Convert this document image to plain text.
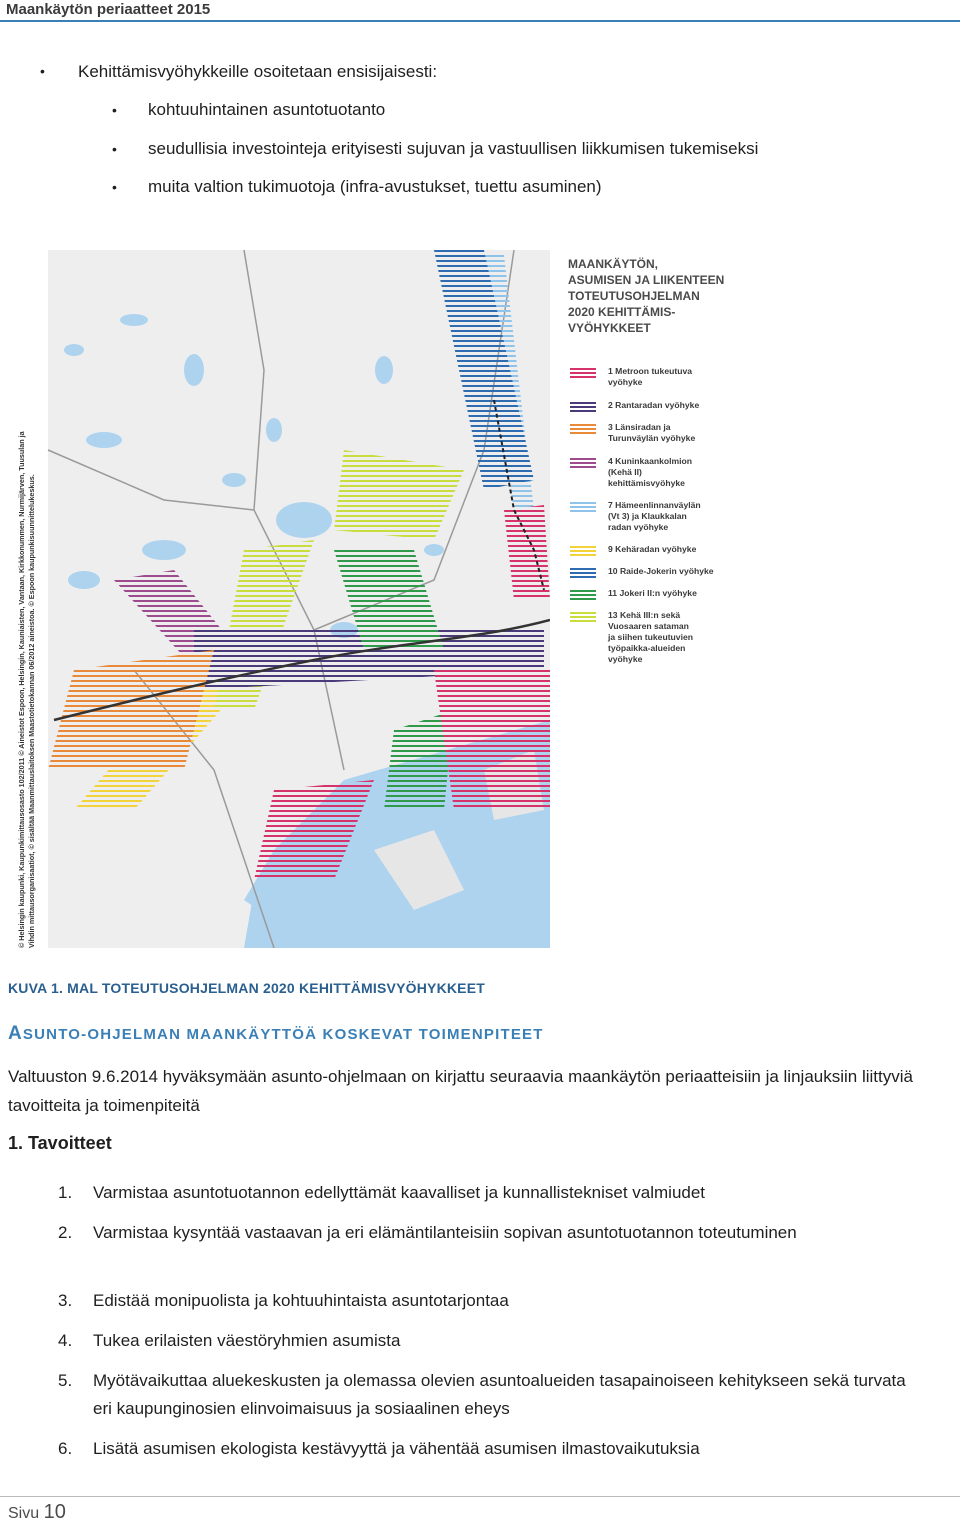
Maankäytön periaatteet 2015
• Kehittämisvyöhykkeille osoitetaan ensisijaisesti:
• kohtuuhintainen asuntotuotanto
• seudullisia investointeja erityisesti sujuvan ja vastuullisen liikkumisen tukemiseksi
• muita valtion tukimuotoja (infra-avustukset, tuettu asuminen)
© Helsingin kaupunki, Kaupunkimittausosasto 102/2011 © Aineistot Espoon, Helsingin, Kauniaisten, Vantaan, Kirkkonummen, Nurmijärven, Tuusulan ja Vihdin mittausorganisaatiot, © sisältää Maanmittauslaitoksen Maastotietokannan 06/2012 aineistoa. © Espoon kaupunkisuunnittelukeskus.
MAANKÄYTÖN,
ASUMISEN JA LIIKENTEEN
TOTEUTUSOHJELMAN
2020 KEHITTÄMIS-
VYÖHYKKEET
1 Metroon tukeutuva
vyöhyke
2 Rantaradan vyöhyke
3 Länsiradan ja
Turunväylän vyöhyke
4 Kuninkaankolmion
(Kehä II)
kehittämisvyöhyke
7 Hämeenlinnanväylän
(Vt 3) ja Klaukkalan
radan vyöhyke
9 Kehäradan vyöhyke
10 Raide-Jokerin vyöhyke
11 Jokeri II:n vyöhyke
13 Kehä III:n sekä
Vuosaaren sataman
ja siihen tukeutuvien
työpaikka-alueiden
vyöhyke
KUVA 1. MAL TOTEUTUSOHJELMAN 2020 KEHITTÄMISVYÖHYKKEET
ASUNTO-OHJELMAN MAANKÄYTTÖÄ KOSKEVAT TOIMENPITEET
Valtuuston 9.6.2014 hyväksymään asunto-ohjelmaan on kirjattu seuraavia maankäytön periaatteisiin ja linjauksiin liittyviä tavoitteita ja toimenpiteitä
1. Tavoitteet
1.	Varmistaa asuntotuotannon edellyttämät kaavalliset ja kunnallistekniset valmiudet
2.	Varmistaa kysyntää vastaavan ja eri elämäntilanteisiin sopivan asuntotuotannon toteutuminen
3.	Edistää monipuolista ja kohtuuhintaista asuntotarjontaa
4.	Tukea erilaisten väestöryhmien asumista
5.	Myötävaikuttaa aluekeskusten ja olemassa olevien asuntoalueiden tasapainoiseen kehitykseen sekä turvata eri kaupunginosien elinvoimaisuus ja sosiaalinen eheys
6.	Lisätä asumisen ekologista kestävyyttä ja vähentää asumisen ilmastovaikutuksia
Sivu 10
